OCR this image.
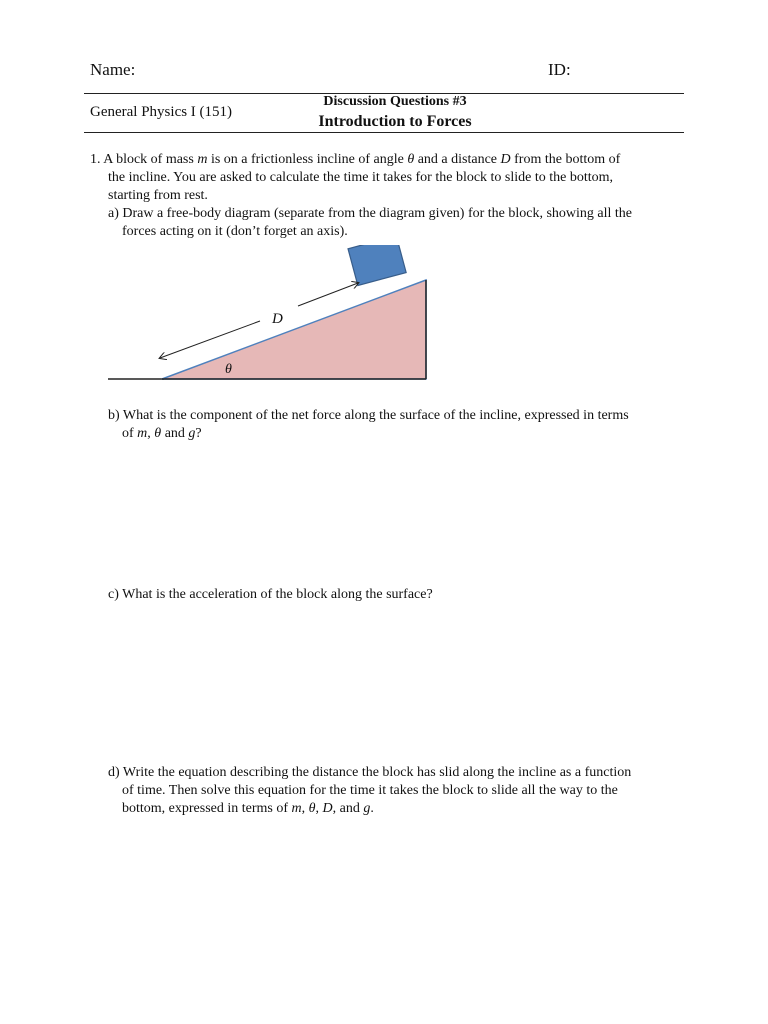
Name:	ID:
General Physics I (151)
Discussion Questions #3
Introduction to Forces
1. A block of mass m is on a frictionless incline of angle θ and a distance D from the bottom of
the incline. You are asked to calculate the time it takes for the block to slide to the bottom,
starting from rest.
a) Draw a free-body diagram (separate from the diagram given) for the block, showing all the
forces acting on it (don’t forget an axis).
D
θ
b) What is the component of the net force along the surface of the incline, expressed in terms
of m, θ and g?
c) What is the acceleration of the block along the surface?
d) Write the equation describing the distance the block has slid along the incline as a function
of time. Then solve this equation for the time it takes the block to slide all the way to the
bottom, expressed in terms of m, θ, D, and g.
